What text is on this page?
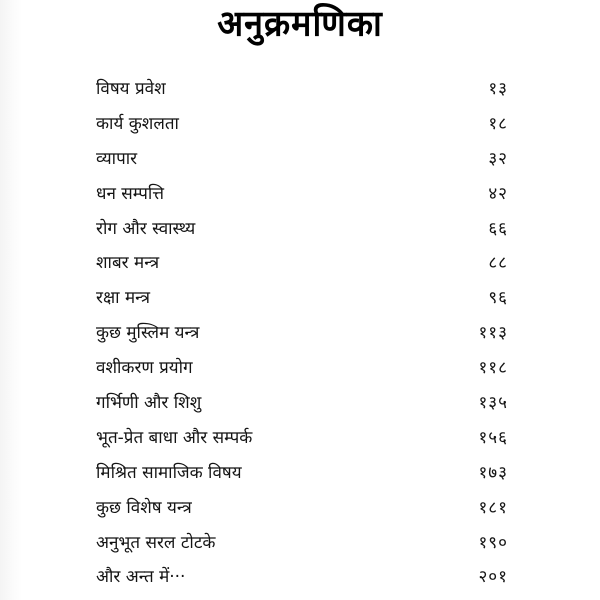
अनुक्रमणिका
विषय प्रवेश	१३
कार्य कुशलता	१८
व्यापार	३२
धन सम्पत्ति	४२
रोग और स्वास्थ्य	६६
शाबर मन्त्र	८८
रक्षा मन्त्र	९६
कुछ मुस्लिम यन्त्र	११३
वशीकरण प्रयोग	११८
गर्भिणी और शिशु	१३५
भूत-प्रेत बाधा और सम्पर्क	१५६
मिश्रित सामाजिक विषय	१७३
कुछ विशेष यन्त्र	१८१
अनुभूत सरल टोटके	१९०
और अन्त में···	२०१
